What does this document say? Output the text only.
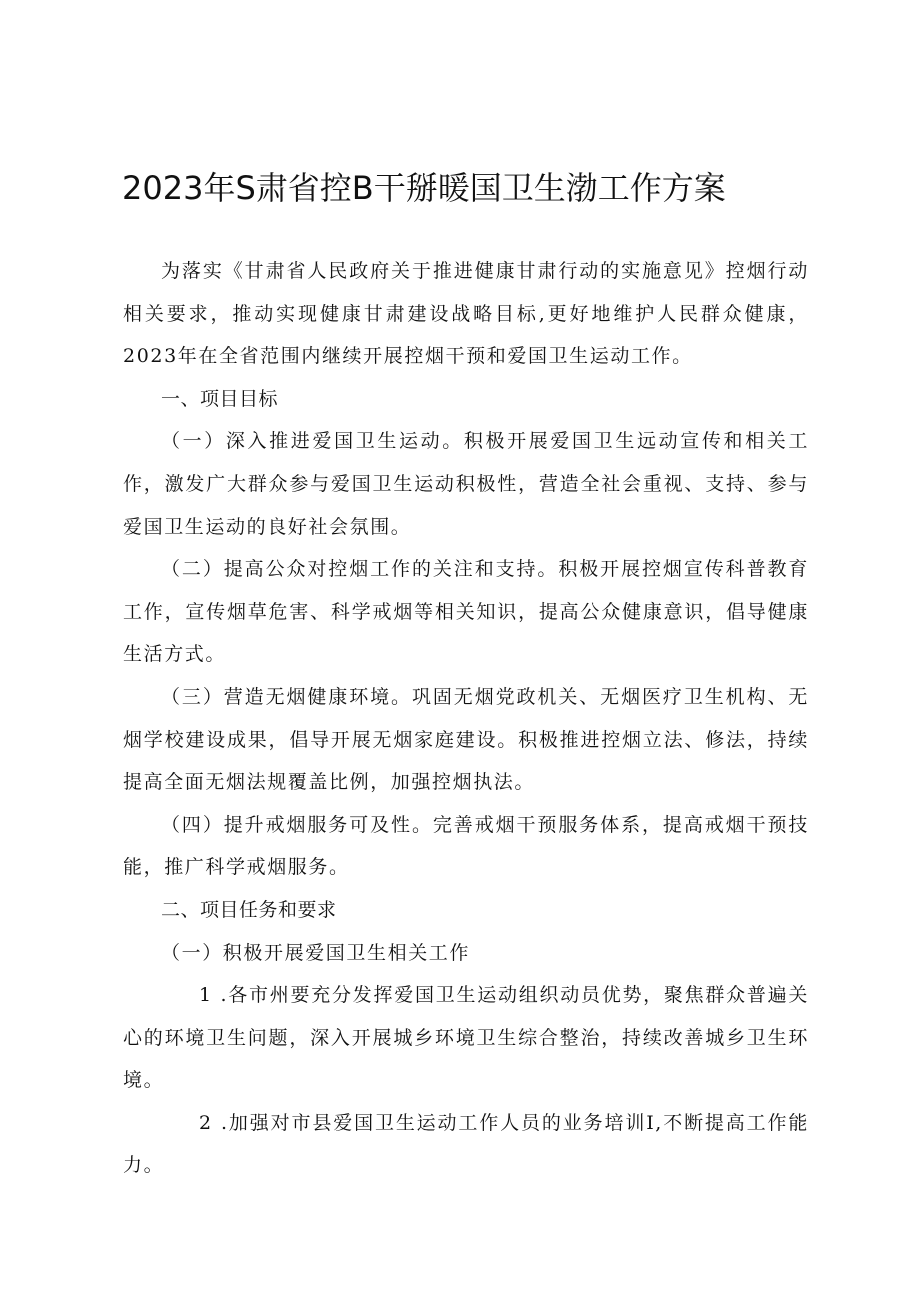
2023年S肃省控B干掰暖国卫生渤工作方案

为落实《甘肃省人民政府关于推进健康甘肃行动的实施意见》控烟行动相关要求，推动实现健康甘肃建设战略目标,更好地维护人民群众健康，2023年在全省范围内继续开展控烟干预和爱国卫生运动工作。

一、项目目标

（一）深入推进爱国卫生运动。积极开展爱国卫生远动宣传和相关工作，激发广大群众参与爱国卫生运动积极性，营造全社会重视、支持、参与爱国卫生运动的良好社会氛围。

（二）提高公众对控烟工作的关注和支持。积极开展控烟宣传科普教育工作，宣传烟草危害、科学戒烟等相关知识，提高公众健康意识，倡导健康生活方式。

（三）营造无烟健康环境。巩固无烟党政机关、无烟医疗卫生机构、无烟学校建设成果，倡导开展无烟家庭建设。积极推进控烟立法、修法，持续提高全面无烟法规覆盖比例，加强控烟执法。

（四）提升戒烟服务可及性。完善戒烟干预服务体系，提高戒烟干预技能，推广科学戒烟服务。

二、项目任务和要求

（一）积极开展爱国卫生相关工作

1 .各市州要充分发挥爱国卫生运动组织动员优势，聚焦群众普遍关心的环境卫生问题，深入开展城乡环境卫生综合整治，持续改善城乡卫生环境。

2 .加强对市县爱国卫生运动工作人员的业务培训I,不断提高工作能力。
